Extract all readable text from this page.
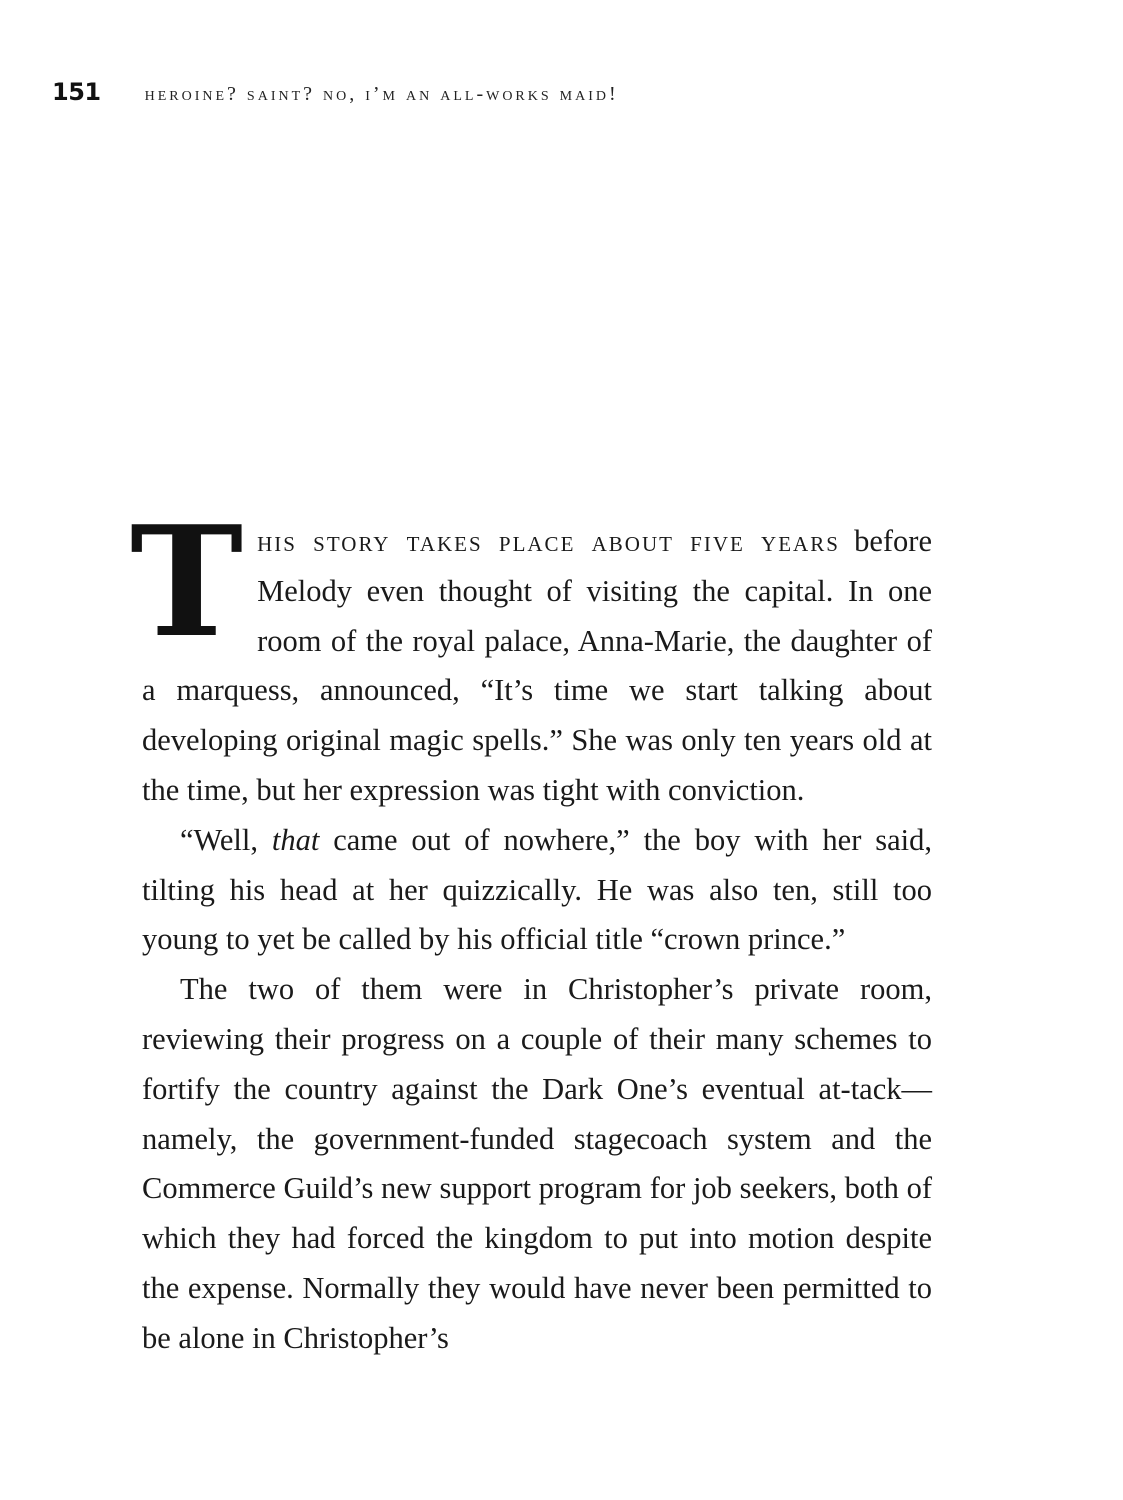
151 heroine? saint? no, i’m an all-works maid!

This story takes place about five years before Melody even thought of visiting the capital. In one room of the royal palace, Anna-Marie, the daughter of a marquess, announced, “It’s time we start talking about developing original magic spells.” She was only ten years old at the time, but her expression was tight with conviction.

“Well, that came out of nowhere,” the boy with her said, tilting his head at her quizzically. He was also ten, still too young to yet be called by his official title “crown prince.”

The two of them were in Christopher’s private room, reviewing their progress on a couple of their many schemes to fortify the country against the Dark One’s eventual at-tack—namely, the government-funded stagecoach system and the Commerce Guild’s new support program for job seekers, both of which they had forced the kingdom to put into motion despite the expense. Normally they would have never been permitted to be alone in Christopher’s
